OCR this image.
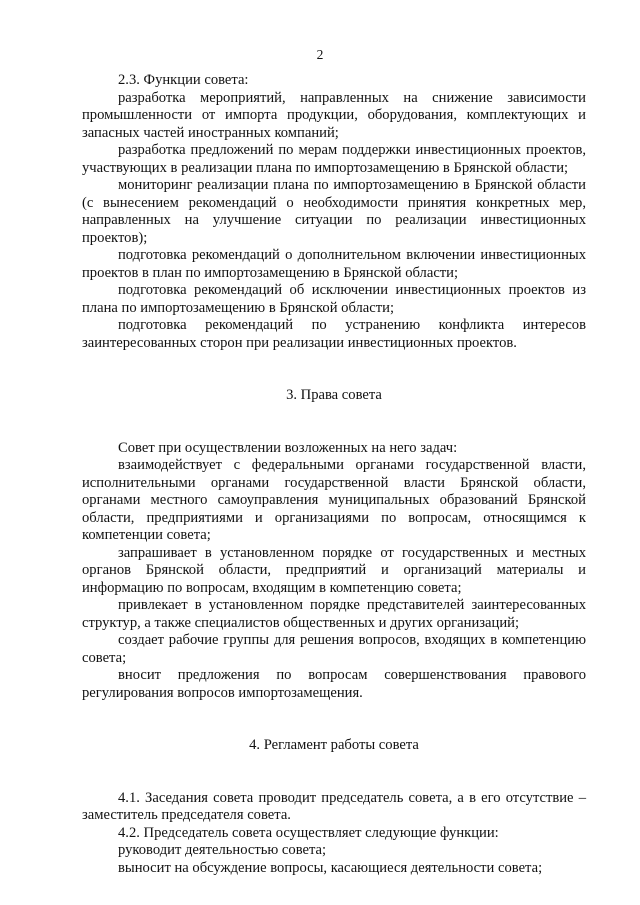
2

2.3. Функции совета:

разработка мероприятий, направленных на снижение зависимости промышленности от импорта продукции, оборудования, комплектующих и запасных частей иностранных компаний;

разработка предложений по мерам поддержки инвестиционных проектов, участвующих в реализации плана по импортозамещению в Брянской области;

мониторинг реализации плана по импортозамещению в Брянской области (с вынесением рекомендаций о необходимости принятия конкретных мер, направленных на улучшение ситуации по реализации инвестиционных проектов);

подготовка рекомендаций о дополнительном включении инвестиционных проектов в план по импортозамещению в Брянской области;

подготовка рекомендаций об исключении инвестиционных проектов из плана по импортозамещению в Брянской области;

подготовка рекомендаций по устранению конфликта интересов заинтересованных сторон при реализации инвестиционных проектов.

3. Права совета

Совет при осуществлении возложенных на него задач:

взаимодействует с федеральными органами государственной власти, исполнительными органами государственной власти Брянской области, органами местного самоуправления муниципальных образований Брянской области, предприятиями и организациями по вопросам, относящимся к компетенции совета;

запрашивает в установленном порядке от государственных и местных органов Брянской области, предприятий и организаций материалы и информацию по вопросам, входящим в компетенцию совета;

привлекает в установленном порядке представителей заинтересованных структур, а также специалистов общественных и других организаций;

создает рабочие группы для решения вопросов, входящих в компетенцию совета;

вносит предложения по вопросам совершенствования правового регулирования вопросов импортозамещения.

4. Регламент работы совета

4.1. Заседания совета проводит председатель совета, а в его отсутствие – заместитель председателя совета.

4.2. Председатель совета осуществляет следующие функции:

руководит деятельностью совета;

выносит на обсуждение вопросы, касающиеся деятельности совета;
